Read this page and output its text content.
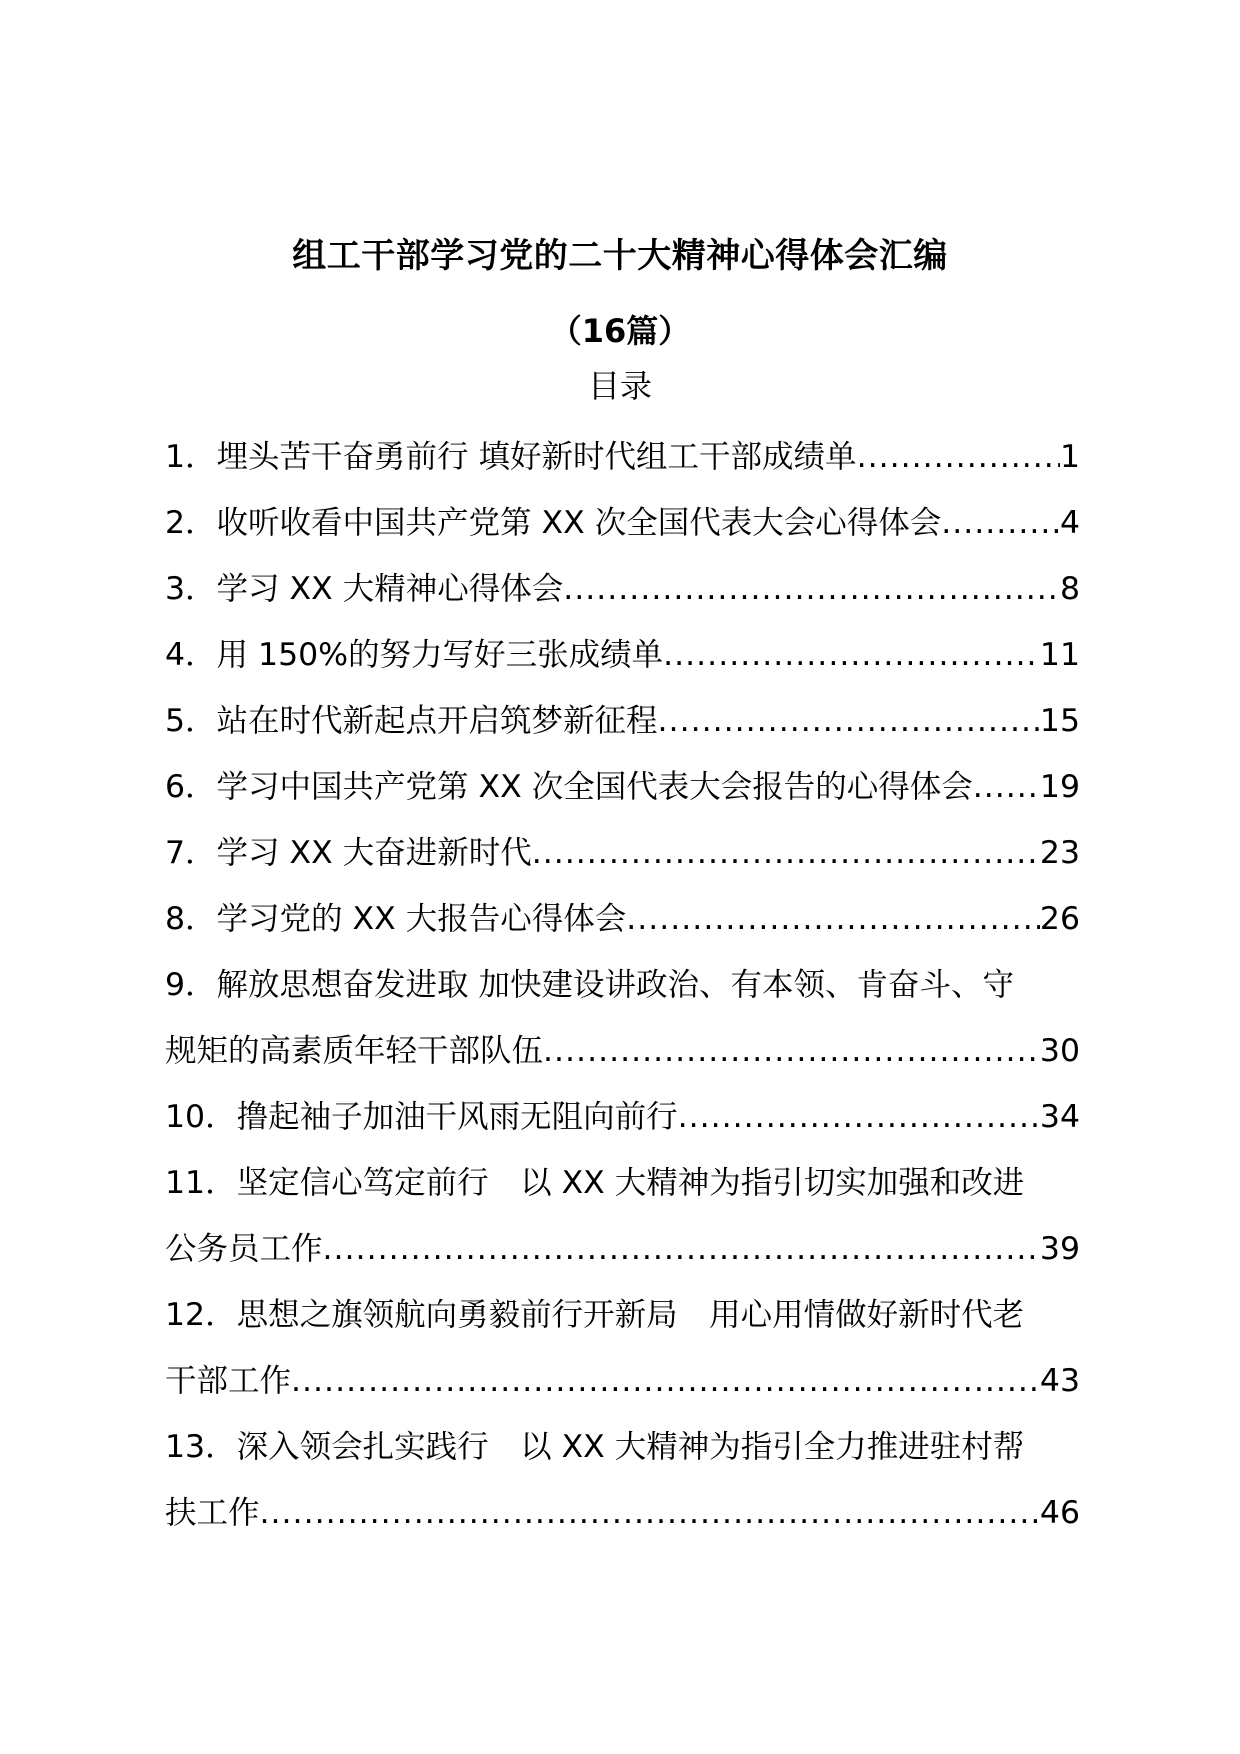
组工干部学习党的二十大精神心得体会汇编
（16篇）
目录
1．埋头苦干奋勇前行 填好新时代组工干部成绩单 .....	1
2．收听收看中国共产党第 XX 次全国代表大会心得体会 .....	4
3．学习 XX 大精神心得体会 .....	8
4．用 150%的努力写好三张成绩单 .....	11
5．站在时代新起点开启筑梦新征程 .....	15
6．学习中国共产党第 XX 次全国代表大会报告的心得体会 ..... 19
7．学习 XX 大奋进新时代 .....	23
8．学习党的 XX 大报告心得体会 .....	26
9．解放思想奋发进取 加快建设讲政治、有本领、肯奋斗、守
规矩的高素质年轻干部队伍 .....	30
10．撸起袖子加油干风雨无阻向前行 .....	34
11．坚定信心笃定前行　以 XX 大精神为指引切实加强和改进
公务员工作 .....	39
12．思想之旗领航向勇毅前行开新局　用心用情做好新时代老
干部工作 .....	43
13．深入领会扎实践行　以 XX 大精神为指引全力推进驻村帮
扶工作 .....	46
